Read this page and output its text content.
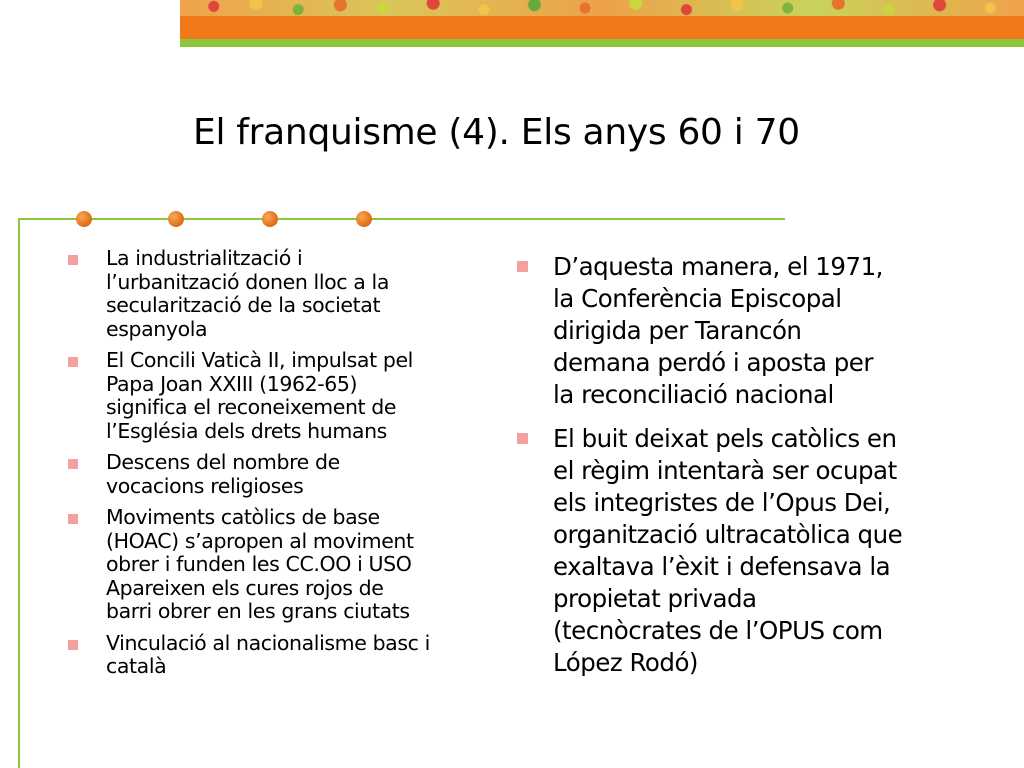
El franquisme (4). Els anys 60 i 70
La industrialització i
l’urbanització donen lloc a la
secularització de la societat
espanyola
El Concili Vaticà II, impulsat pel
Papa Joan XXIII (1962-65)
significa el reconeixement de
l’Església dels drets humans
Descens del nombre de
vocacions religioses
Moviments catòlics de base
(HOAC) s’apropen al moviment
obrer i funden les CC.OO i USO
Apareixen els cures rojos de
barri obrer en les grans ciutats
Vinculació al nacionalisme basc i
català
D’aquesta manera, el 1971,
la Conferència Episcopal
dirigida per Tarancón
demana perdó i aposta per
la reconciliació nacional
El buit deixat pels catòlics en
el règim intentarà ser ocupat
els integristes de l’Opus Dei,
organització ultracatòlica que
exaltava l’èxit i defensava la
propietat privada
(tecnòcrates de l’OPUS com
López Rodó)
